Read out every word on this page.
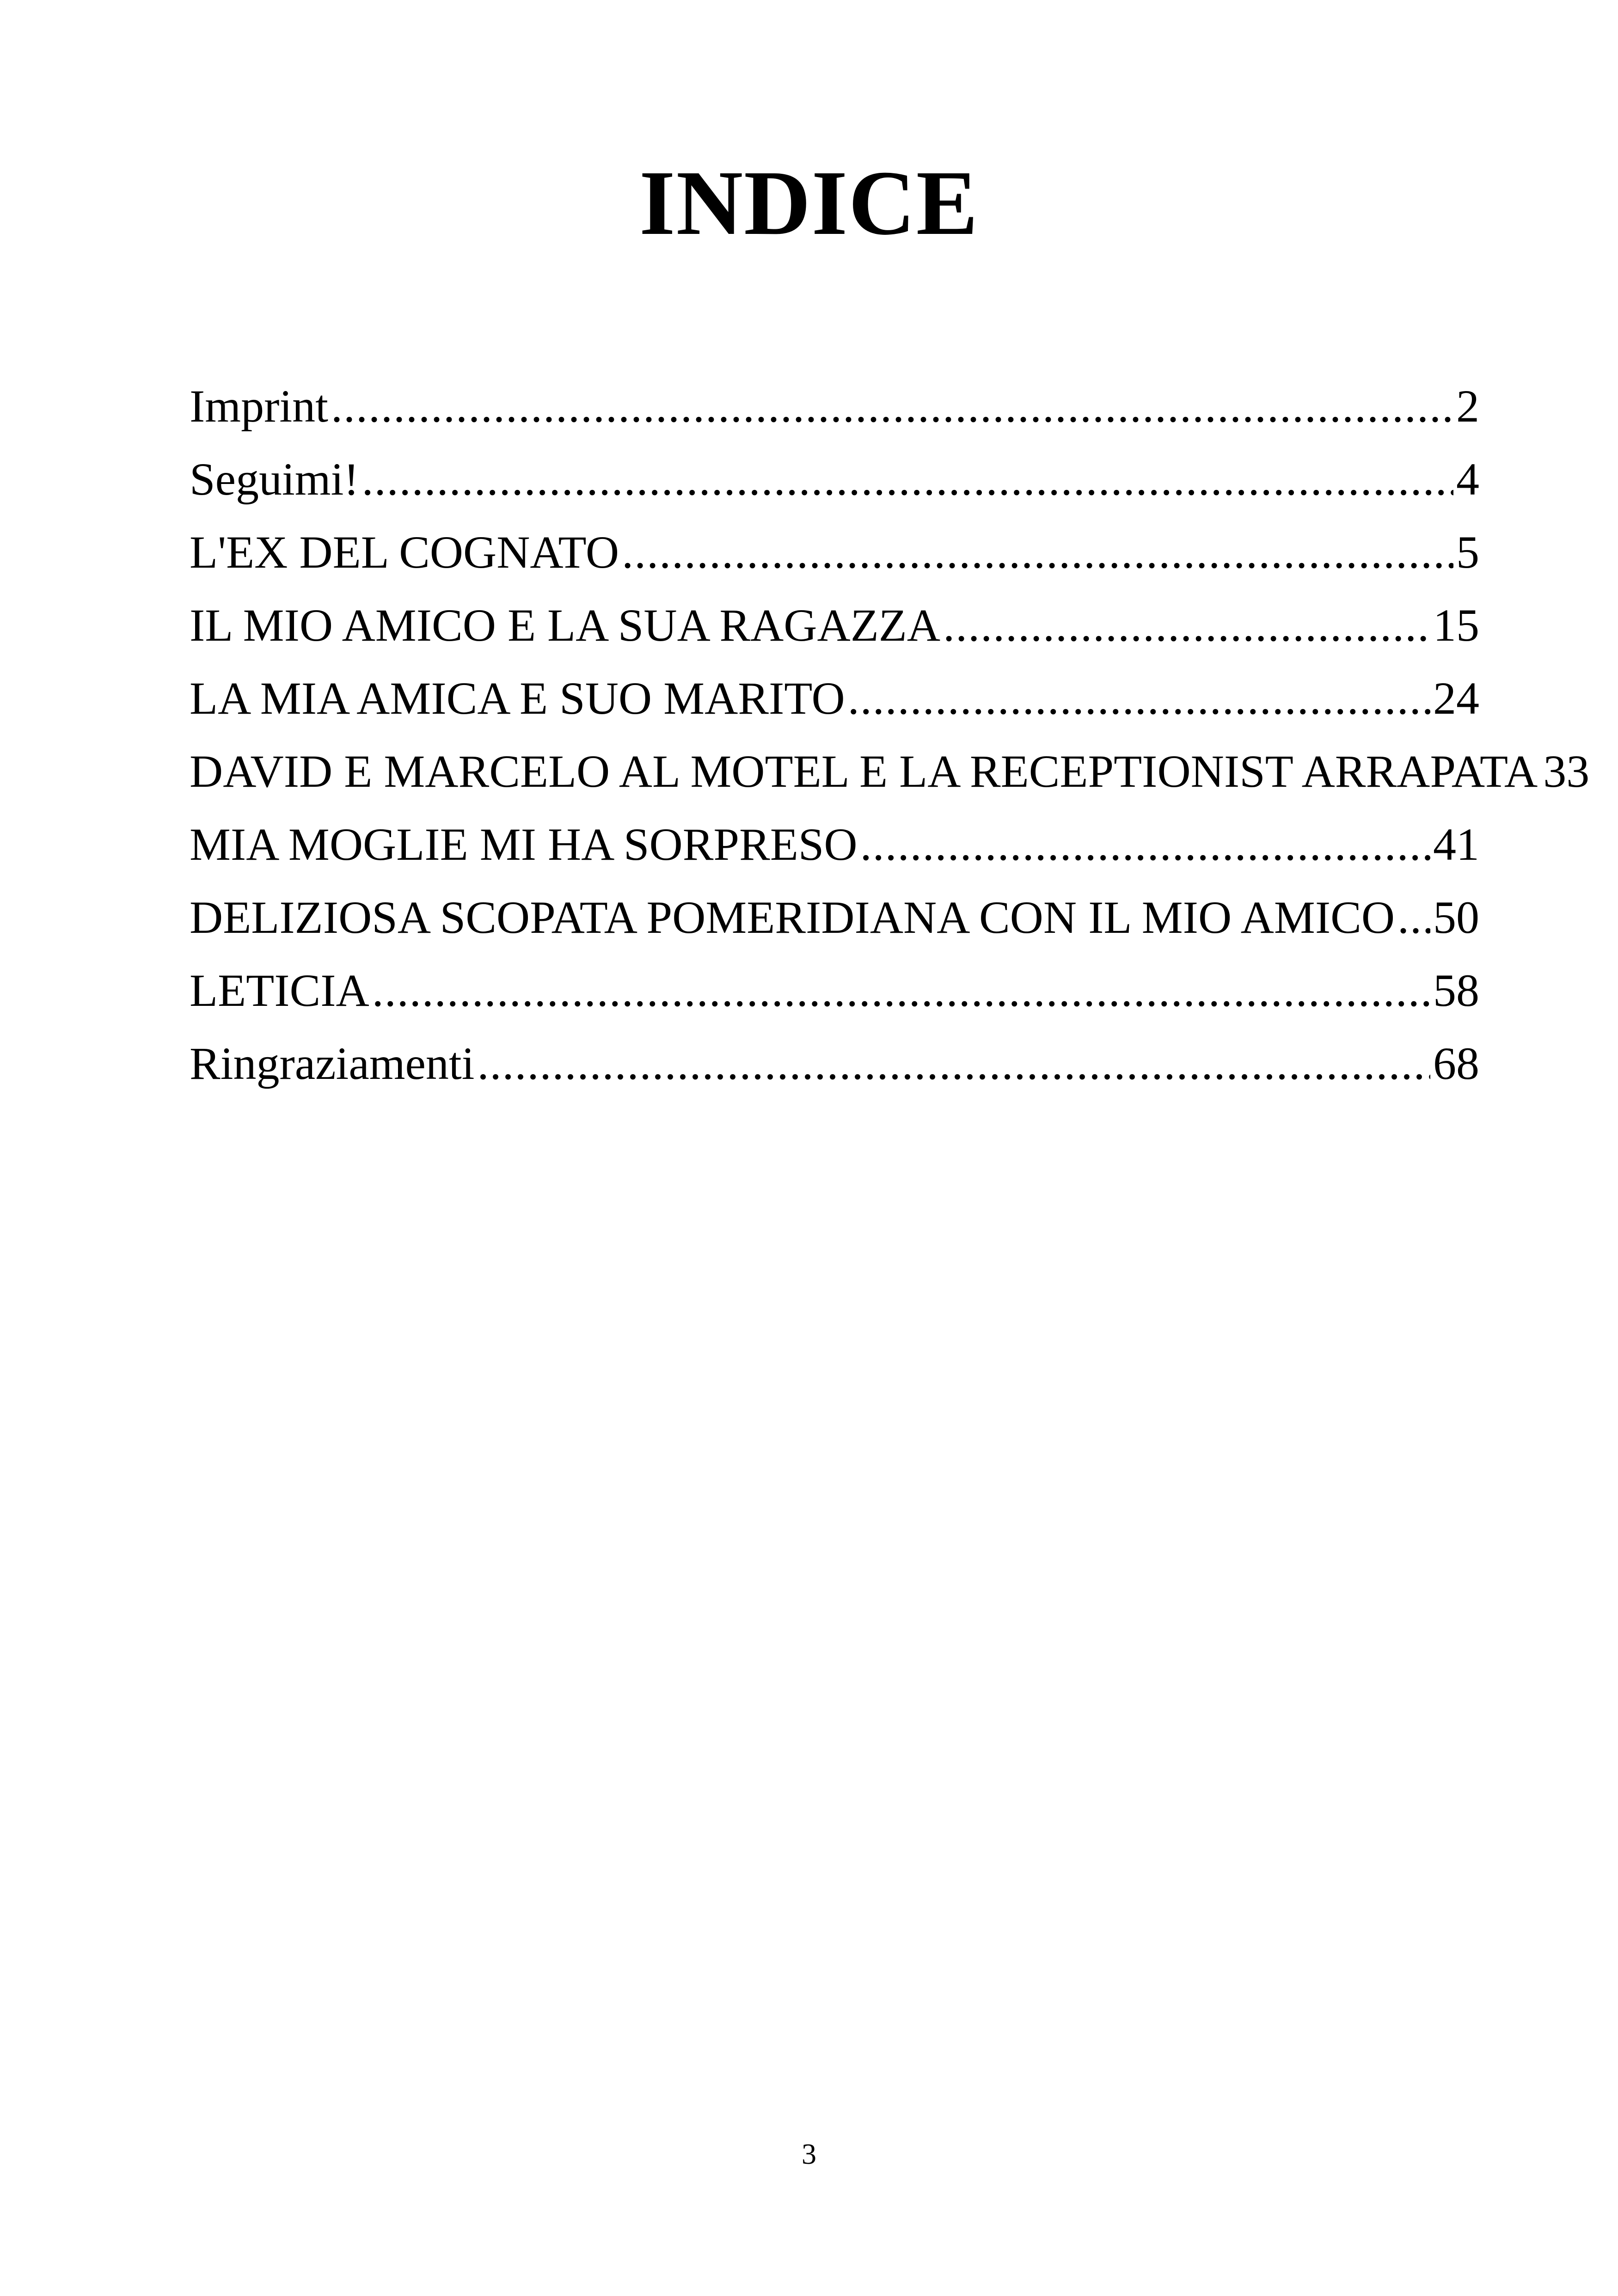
INDICE
Imprint .....	2
Seguimi! .....	4
L'EX DEL COGNATO .....	5
IL MIO AMICO E LA SUA RAGAZZA .....	15
LA MIA AMICA E SUO MARITO .....	24
DAVID E MARCELO AL MOTEL E LA RECEPTIONIST ARRAPATA 33
MIA MOGLIE MI HA SORPRESO .....	41
DELIZIOSA SCOPATA POMERIDIANA CON IL MIO AMICO ..... 50
LETICIA .....	58
Ringraziamenti .....	68
3
